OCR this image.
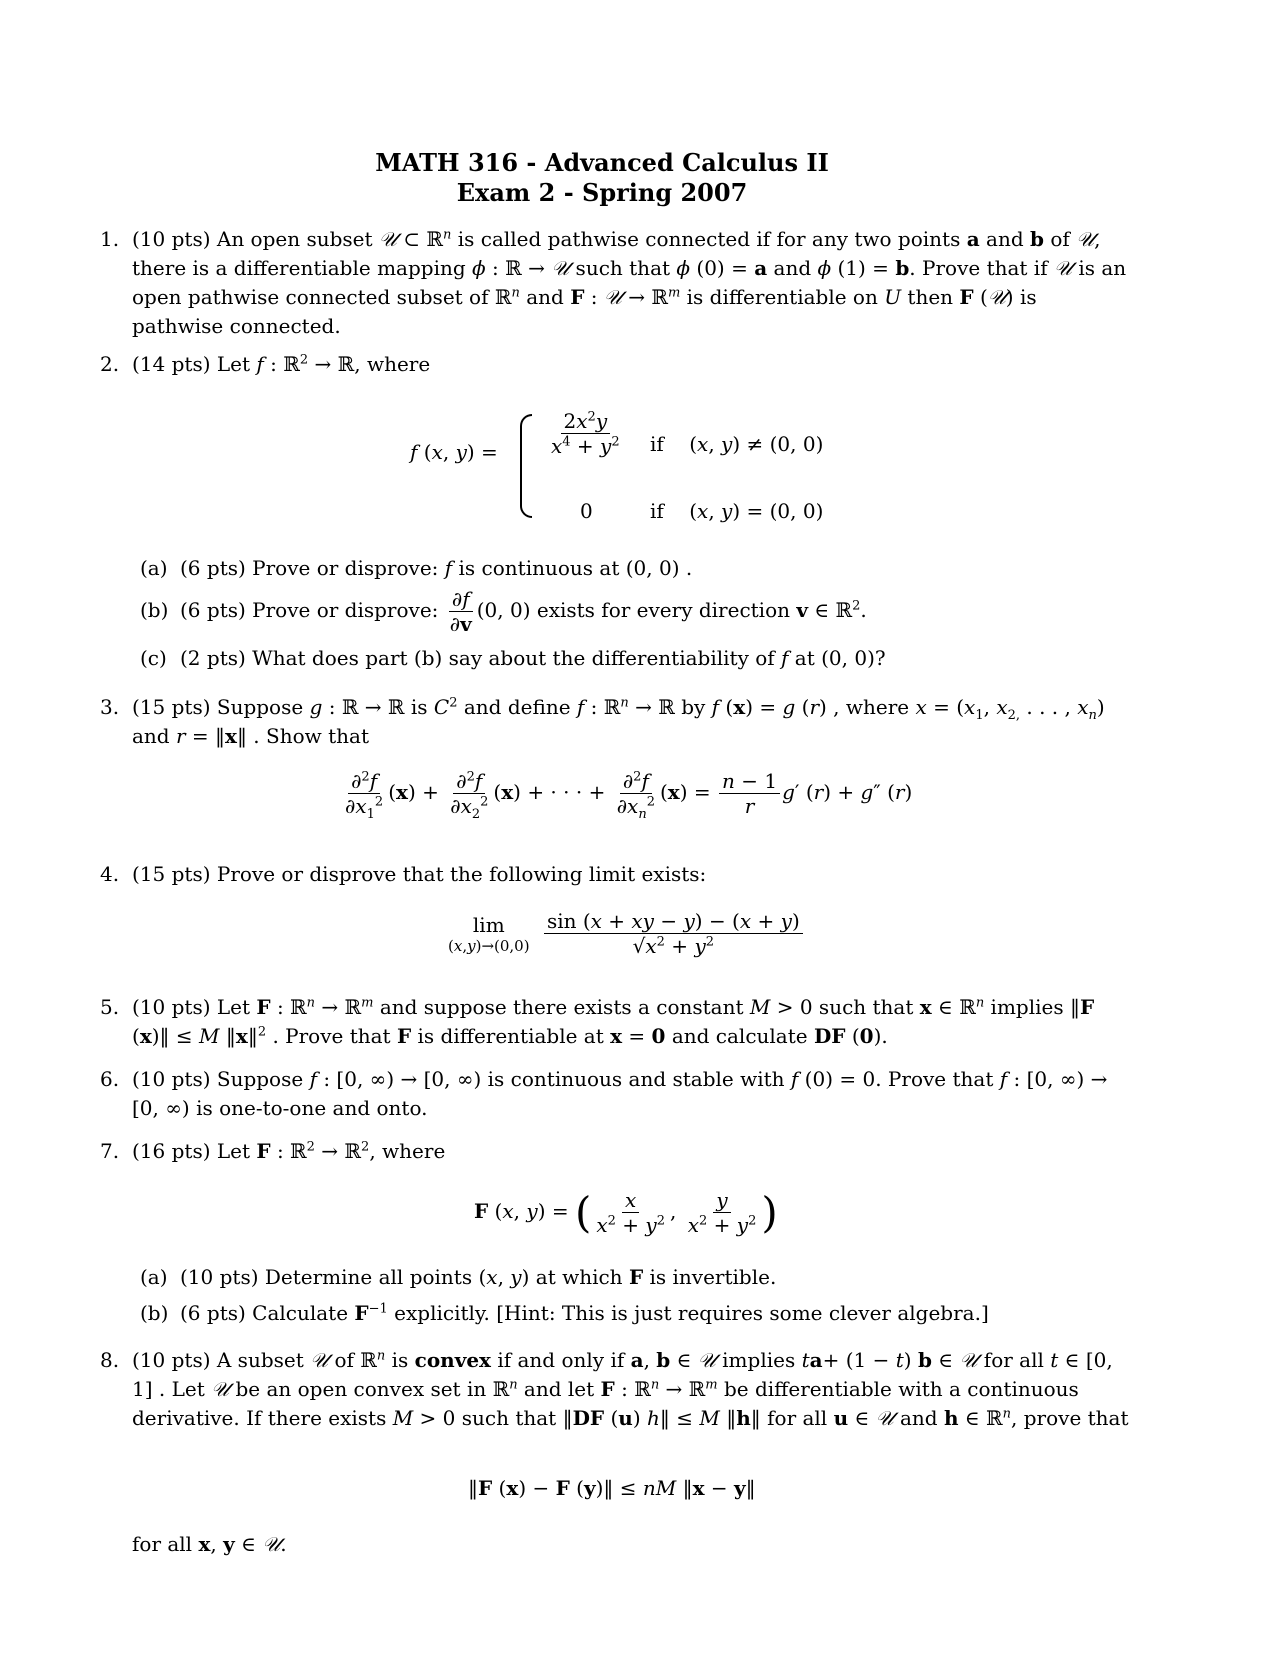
MATH 316 - Advanced Calculus II
Exam 2 - Spring 2007
1. (10 pts) An open subset 𝒰 ⊂ ℝ$^n$ is called pathwise connected if for any two points a and b of 𝒰, there is a differentiable mapping ϕ : ℝ → 𝒰 such that ϕ (0) = a and ϕ (1) = b. Prove that if 𝒰 is an open pathwise connected subset of ℝ$^n$ and F : 𝒰 → ℝ$^m$ is differentiable on U then F (𝒰) is pathwise connected.
2. (14 pts) Let f : ℝ$^2$ → ℝ, where
f (x, y) =	$\frac{2x^2y}{x^4 + y^2}$ if    (x, y) ≠ (0, 0)
0	if    (x, y) = (0, 0)
(a) (6 pts) Prove or disprove: f is continuous at (0, 0) .
(b) (6 pts) Prove or disprove: $\frac{\partial f}{\partial v} (0$, 0) exists for every direction v ∈ ℝ$^2$.
(c) (2 pts) What does part (b) say about the differentiability of f at (0, 0)?
3. (15 pts) Suppose g : ℝ → ℝ is $C^2$ and define f : ℝ$^n$ → ℝ by f (x) = g (r) , where $x = (x_1$, $x_{2,}$ . . . , $x_n$) and r = ‖x‖ . Show that
$\frac{\partial^2f}{\partial x_1^2} (x) + \frac{\partial^2f}{\partial x_2^2} (x)$ + · · · + $\frac{\partial^2f}{\partial x_n^2} (x) = \frac{n - 1}{r} g'$ (r) + g″ (r)
4. (15 pts) Prove or disprove that the following limit exists:
lim
(x,y)→(0,0)
$\frac{\sin (x + xy - y) - (x + y)}{√x^2 + y^2}$
5. (10 pts) Let F : ℝ$^n$ → ℝ$^m$ and suppose there exists a constant M > 0 such that x ∈ ℝ$^n$ implies ‖F (x)‖ ≤ M ‖x‖$^2$ . Prove that F is differentiable at x = 0 and calculate DF (0).
6. (10 pts) Suppose f : [0, ∞) → [0, ∞) is continuous and stable with f (0) = 0. Prove that f : [0, ∞) → [0, ∞) is one-to-one and onto.
7. (16 pts) Let F : ℝ$^2$ → ℝ$^2$, where
F (x, y) = ( $\frac{x}{x^2 + y^2}$ , $\frac{y}{x^2 + y^2}$ )
(a) (10 pts) Determine all points (x, y) at which F is invertible.
(b) (6 pts) Calculate $F^{-1}$ explicitly. [Hint: This is just requires some clever algebra.]
8. (10 pts) A subset 𝒰 of ℝ$^n$ is convex if and only if a, b ∈ 𝒰 implies ta+ (1 − t) b ∈ 𝒰 for all t ∈ [0, 1] . Let 𝒰 be an open convex set in ℝ$^n$ and let F : ℝ$^n$ → ℝ$^m$ be differentiable with a continuous derivative. If there exists M > 0 such that ‖DF (u) h‖ ≤ M ‖h‖ for all u ∈ 𝒰 and h ∈ ℝ$^n$, prove that
‖F (x) − F (y)‖ ≤ nM ‖x − y‖
for all x, y ∈ 𝒰.
